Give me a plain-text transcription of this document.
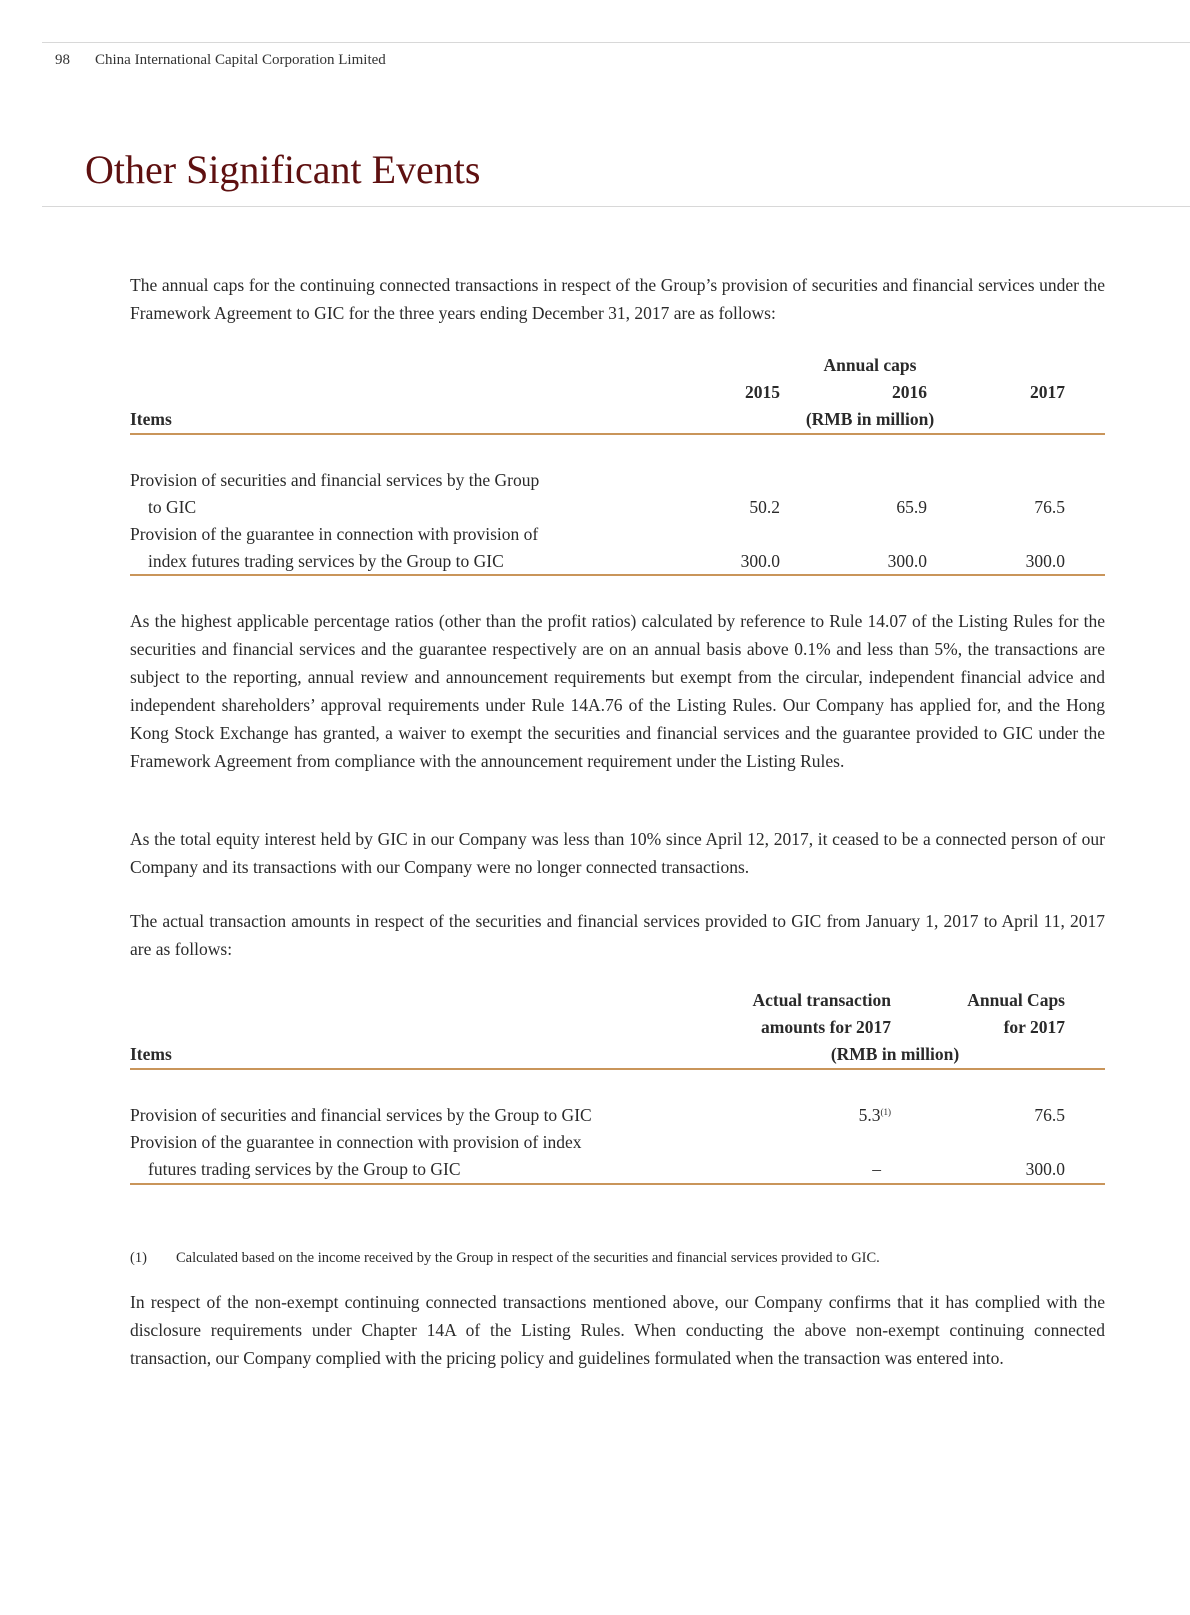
98 China International Capital Corporation Limited
Other Significant Events

The annual caps for the continuing connected transactions in respect of the Group’s provision of securities and financial services under the Framework Agreement to GIC for the three years ending December 31, 2017 are as follows:

Annual caps
2015	2016	2017
Items	(RMB in million)
Provision of securities and financial services by the Group
to GIC	50.2	65.9	76.5
Provision of the guarantee in connection with provision of
index futures trading services by the Group to GIC	300.0	300.0	300.0

As the highest applicable percentage ratios (other than the profit ratios) calculated by reference to Rule 14.07 of the Listing Rules for the securities and financial services and the guarantee respectively are on an annual basis above 0.1% and less than 5%, the transactions are subject to the reporting, annual review and announcement requirements but exempt from the circular, independent financial advice and independent shareholders’ approval requirements under Rule 14A.76 of the Listing Rules. Our Company has applied for, and the Hong Kong Stock Exchange has granted, a waiver to exempt the securities and financial services and the guarantee provided to GIC under the Framework Agreement from compliance with the announcement requirement under the Listing Rules.

As the total equity interest held by GIC in our Company was less than 10% since April 12, 2017, it ceased to be a connected person of our Company and its transactions with our Company were no longer connected transactions.

The actual transaction amounts in respect of the securities and financial services provided to GIC from January 1, 2017 to April 11, 2017 are as follows:

Actual transaction
amounts for 2017
Annual Caps
for 2017
Items	(RMB in million)
Provision of securities and financial services by the Group to GIC	5.3$^{(1)}$	76.5
Provision of the guarantee in connection with provision of index
futures trading services by the Group to GIC	–	300.0
(1) Calculated based on the income received by the Group in respect of the securities and financial services provided to GIC.

In respect of the non-exempt continuing connected transactions mentioned above, our Company confirms that it has complied with the disclosure requirements under Chapter 14A of the Listing Rules. When conducting the above non-exempt continuing connected transaction, our Company complied with the pricing policy and guidelines formulated when the transaction was entered into.
